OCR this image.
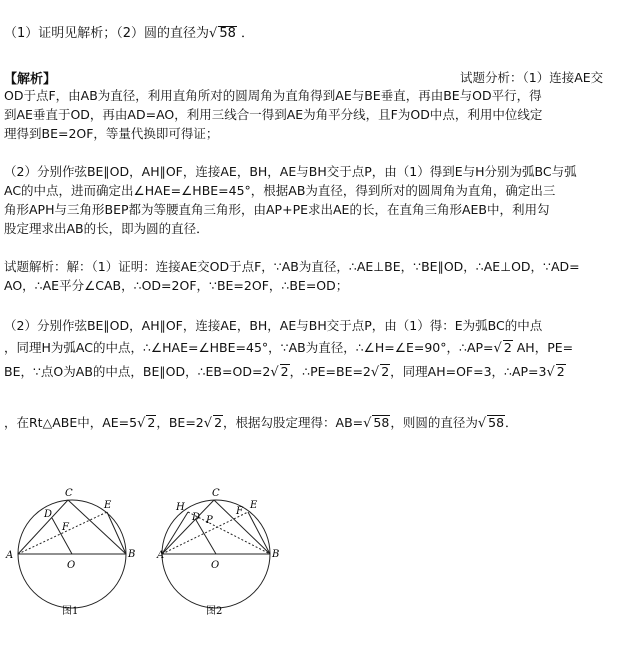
（1）证明见解析；（2）圆的直径为√ 58 ．
【解析】	试题分析：（1）连接AE交
OD于点F，由AB为直径，利用直角所对的圆周角为直角得到AE与BE垂直，再由BE与OD平行，得
到AE垂直于OD，再由AD=AO，利用三线合一得到AE为角平分线，且F为OD中点，利用中位线定
理得到BE=2OF，等量代换即可得证；
（2）分别作弦BE∥OD，AH∥OF，连接AE，BH，AE与BH交于点P，由（1）得到E与H分别为弧BC与弧
AC的中点，进而确定出∠HAE=∠HBE=45°，根据AB为直径，得到所对的圆周角为直角，确定出三
角形APH与三角形BEP都为等腰直角三角形，由AP+PE求出AE的长，在直角三角形AEB中，利用勾
股定理求出AB的长，即为圆的直径．
试题解析：解：（1）证明：连接AE交OD于点F，∵AB为直径，∴AE⊥BE，∵BE∥OD，∴AE⊥OD，∵AD=
AO，∴AE平分∠CAB，∴OD=2OF，∵BE=2OF，∴BE=OD；
（2）分别作弦BE∥OD，AH∥OF，连接AE，BH，AE与BH交于点P，由（1）得：E为弧BC的中点
，同理H为弧AC的中点，∴∠HAE=∠HBE=45°，∵AB为直径，∴∠H=∠E=90°，∴AP=√ 2 AH，PE=
BE，∵点O为AB的中点，BE∥OD，∴EB=OD=2√ 2，∴PE=BE=2√ 2，同理AH=OF=3，∴AP=3√ 2
，在Rt△ABE中，AE=5√ 2，BE=2√ 2，根据勾股定理得：AB=√ 58，则圆的直径为√ 58．
A	B
C
D
E
F
O
图1
A	B
C
D
E
F
O
H
P
图2
